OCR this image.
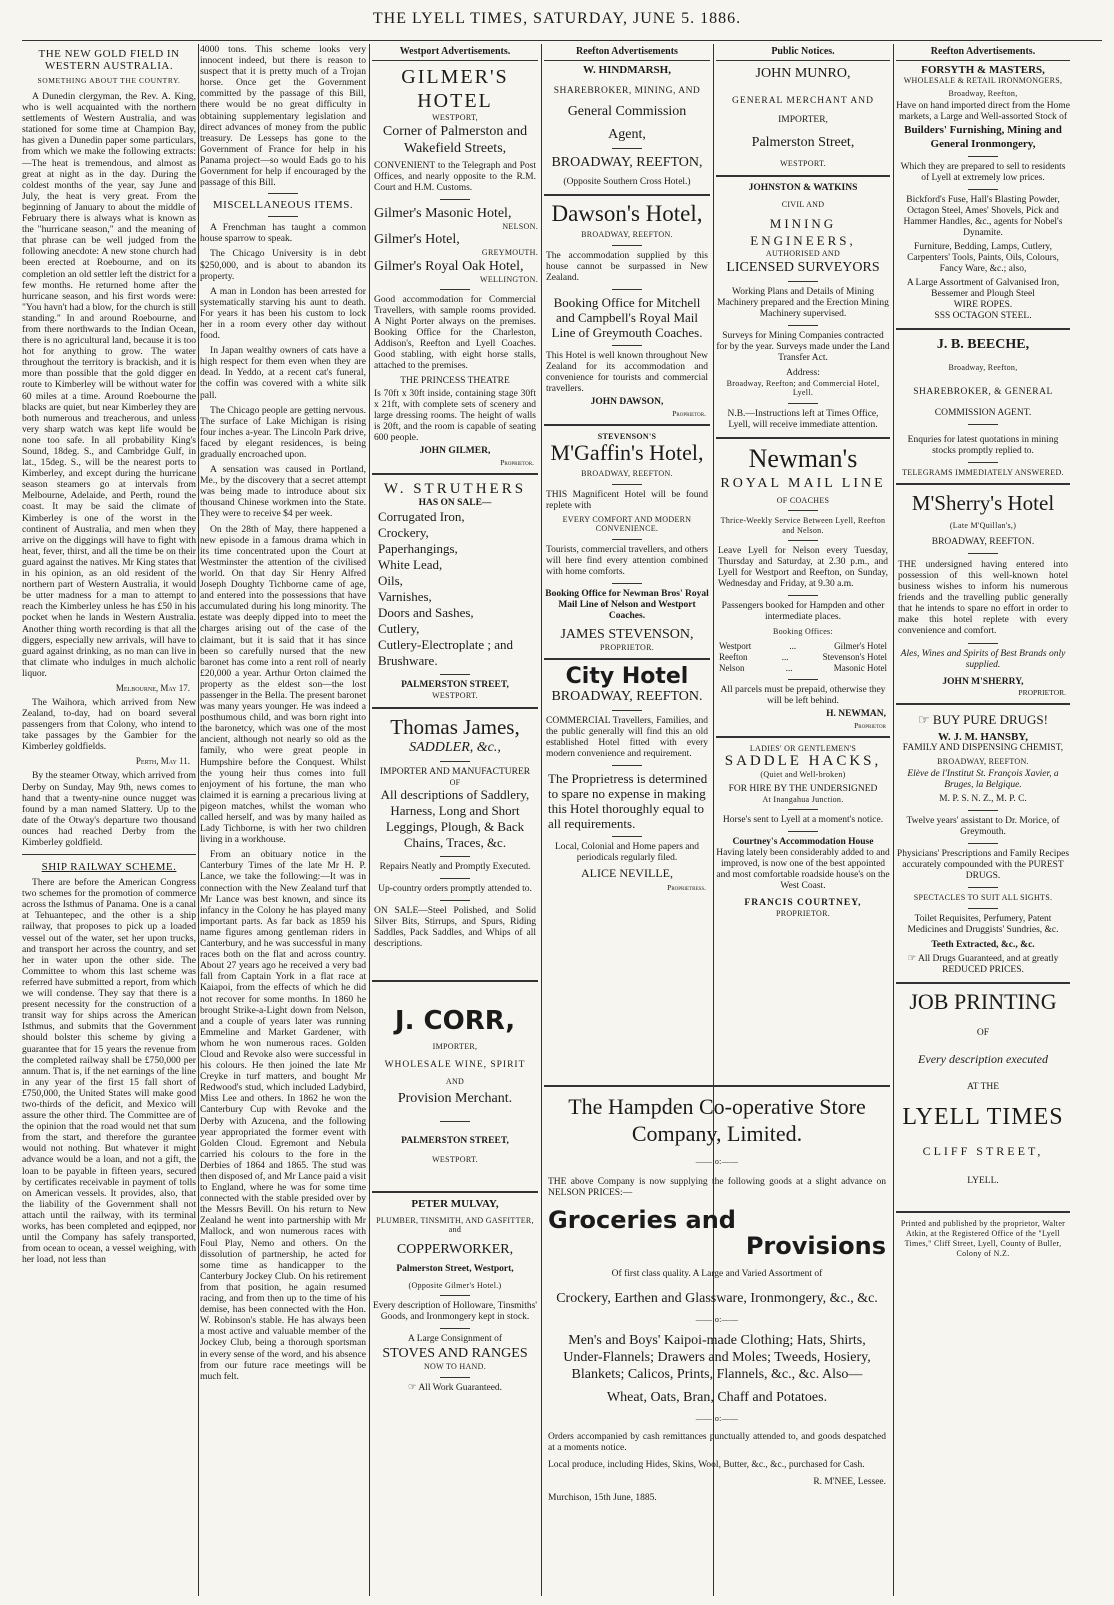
THE LYELL TIMES, SATURDAY, JUNE 5. 1886.
THE NEW GOLD FIELD IN WESTERN AUSTRALIA.
SOMETHING ABOUT THE COUNTRY.

A Dunedin clergyman, the Rev. A. King, who is well acquainted with the northern settlements of Western Australia, and was stationed for some time at Champion Bay, has given a Dunedin paper some particulars, from which we make the following extracts:—The heat is tremendous, and almost as great at night as in the day. During the coldest months of the year, say June and July, the heat is very great. From the beginning of January to about the middle of February there is always what is known as the "hurricane season," and the meaning of that phrase can be well judged from the following anecdote: A new stone church had been erected at Roebourne, and on its completion an old settler left the district for a few months. He returned home after the hurricane season, and his first words were: "You havn't had a blow, for the church is still standing." In and around Roebourne, and from there northwards to the Indian Ocean, there is no agricultural land, because it is too hot for anything to grow. The water throughout the territory is brackish, and it is more than possible that the gold digger en route to Kimberley will be without water for 60 miles at a time. Around Roebourne the blacks are quiet, but near Kimberley they are both numerous and treacherous, and unless very sharp watch was kept life would be none too safe. In all probability King's Sound, 18deg. S., and Cambridge Gulf, in lat., 15deg. S., will be the nearest ports to Kimberley, and except during the hurricane season steamers go at intervals from Melbourne, Adelaide, and Perth, round the coast. It may be said the climate of Kimberley is one of the worst in the continent of Australia, and men when they arrive on the diggings will have to fight with heat, fever, thirst, and all the time be on their guard against the natives. Mr King states that in his opinion, as an old resident of the northern part of Western Australia, it would be utter madness for a man to attempt to reach the Kimberley unless he has £50 in his pocket when he lands in Western Australia. Another thing worth recording is that all the diggers, especially new arrivals, will have to guard against drinking, as no man can live in that climate who indulges in much alcholic liquor.

Melbourne, May 17.

The Waihora, which arrived from New Zealand, to-day, had on board several passengers from that Colony, who intend to take passages by the Gambier for the Kimberley goldfields.

Perth, May 11.

By the steamer Otway, which arrived from Derby on Sunday, May 9th, news comes to hand that a twenty-nine ounce nugget was found by a man named Slattery. Up to the date of the Otway's departure two thousand ounces had reached Derby from the Kimberley goldfield.

SHIP RAILWAY SCHEME.

There are before the American Congress two schemes for the promotion of commerce across the Isthmus of Panama. One is a canal at Tehuantepec, and the other is a ship railway, that proposes to pick up a loaded vessel out of the water, set her upon trucks, and transport her across the country, and set her in water upon the other side. The Committee to whom this last scheme was referred have submitted a report, from which we will condense. They say that there is a present necessity for the construction of a transit way for ships across the American Isthmus, and submits that the Government should bolster this scheme by giving a guarantee that for 15 years the revenue from the completed railway shall be £750,000 per annum. That is, if the net earnings of the line in any year of the first 15 fall short of £750,000, the United States will make good two-thirds of the deficit, and Mexico will assure the other third. The Committee are of the opinion that the road would net that sum from the start, and therefore the gurantee would not nothing. But whatever it might advance would be a loan, and not a gift, the loan to be payable in fifteen years, secured by certificates receivable in payment of tolls on American vessels. It provides, also, that the liability of the Government shall not attach until the railway, with its terminal works, has been completed and eqipped, nor until the Company has safely transported, from ocean to ocean, a vessel weighing, with her load, not less than

4000 tons. This scheme looks very innocent indeed, but there is reason to suspect that it is pretty much of a Trojan horse. Once get the Government committed by the passage of this Bill, there would be no great difficulty in obtaining supplementary legislation and direct advances of money from the public treasury. De Lesseps has gone to the Government of France for help in his Panama project—so would Eads go to his Government for help if encouraged by the passage of this Bill.

MISCELLANEOUS ITEMS.

A Frenchman has taught a common house sparrow to speak.

The Chicago University is in debt $250,000, and is about to abandon its property.

A man in London has been arrested for systematically starving his aunt to death. For years it has been his custom to lock her in a room every other day without food.

In Japan wealthy owners of cats have a high respect for them even when they are dead. In Yeddo, at a recent cat's funeral, the coffin was covered with a white silk pall.

The Chicago people are getting nervous. The surface of Lake Michigan is rising four inches a-year. The Lincoln Park drive, faced by elegant residences, is being gradually encroached upon.

A sensation was caused in Portland, Me., by the discovery that a secret attempt was being made to introduce about six thousand Chinese workmen into the State. They were to receive $4 per week.

On the 28th of May, there happened a new episode in a famous drama which in its time concentrated upon the Court at Westminster the attention of the civilised world. On that day Sir Henry Alfred Joseph Doughty Tichborne came of age, and entered into the possessions that have accumulated during his long minority. The estate was deeply dipped into to meet the charges arising out of the case of the claimant, but it is said that it has since been so carefully nursed that the new baronet has come into a rent roll of nearly £20,000 a year. Arthur Orton claimed the property as the eldest son—the lost passenger in the Bella. The present baronet was many years younger. He was indeed a posthumous child, and was born right into the baronetcy, which was one of the most ancient, although not nearly so old as the family, who were great people in Humpshire before the Conquest. Whilst the young heir thus comes into full enjoyment of his fortune, the man who claimed it is earning a precarious living at pigeon matches, whilst the woman who called herself, and was by many hailed as Lady Tichborne, is with her two children living in a workhouse.

From an obituary notice in the Canterbury Times of the late Mr H. P. Lance, we take the following:—It was in connection with the New Zealand turf that Mr Lance was best known, and since its infancy in the Colony he has played many important parts. As far back as 1859 his name figures among gentleman riders in Canterbury, and he was successful in many races both on the flat and across country. About 27 years ago he received a very bad fall from Captain York in a flat race at Kaiapoi, from the effects of which he did not recover for some months. In 1860 he brought Strike-a-Light down from Nelson, and a couple of years later was running Emmeline and Market Gardener, with whom he won numerous races. Golden Cloud and Revoke also were successful in his colours. He then joined the late Mr Creyke in turf matters, and bought Mr Redwood's stud, which included Ladybird, Miss Lee and others. In 1862 he won the Canterbury Cup with Revoke and the Derby with Azucena, and the following year appropriated the former event with Golden Cloud. Egremont and Nebula carried his colours to the fore in the Derbies of 1864 and 1865. The stud was then disposed of, and Mr Lance paid a visit to England, where he was for some time connected with the stable presided over by the Messrs Bevill. On his return to New Zealand he went into partnership with Mr Mallock, and won numerous races with Foul Play, Nemo and others. On the dissolution of partnership, he acted for some time as handicapper to the Canterbury Jockey Club. On his retirement from that position, he again resumed racing, and from then up to the time of his demise, has been connected with the Hon. W. Robinson's stable. He has always been a most active and valuable member of the Jockey Club, being a thorough sportsman in every sense of the word, and his absence from our future race meetings will be much felt.

Westport Advertisements.
GILMER'S HOTEL
WESTPORT,
Corner of Palmerston and Wakefield Streets,
CONVENIENT to the Telegraph and Post Offices, and nearly opposite to the R.M. Court and H.M. Customs.
Gilmer's Masonic Hotel,
NELSON.
Gilmer's Hotel,
GREYMOUTH.
Gilmer's Royal Oak Hotel,
WELLINGTON.
Good accommodation for Commercial Travellers, with sample rooms provided. A Night Porter always on the premises. Booking Office for the Charleston, Addison's, Reefton and Lyell Coaches. Good stabling, with eight horse stalls, attached to the premises.
THE PRINCESS THEATRE
Is 70ft x 30ft inside, containing stage 30ft x 21ft, with complete sets of scenery and large dressing rooms. The height of walls is 20ft, and the room is capable of seating 600 people.
JOHN GILMER,
Proprietor.
W. STRUTHERS
HAS ON SALE—
Corrugated Iron,
Crockery,
Paperhangings,
White Lead,
Oils,
Varnishes,
Doors and Sashes,
Cutlery,
Cutlery-Electroplate ; and Brushware.
PALMERSTON STREET,
WESTPORT.
Thomas James,
SADDLER, &c.,
IMPORTER AND MANUFACTURER
OF
All descriptions of Saddlery, Harness, Long and Short Leggings, Plough, & Back Chains, Traces, &c.
Repairs Neatly and Promptly Executed.
Up-country orders promptly attended to.
ON SALE—Steel Polished, and Solid Silver Bits, Stirrups, and Spurs, Riding Saddles, Pack Saddles, and Whips of all descriptions.
J. CORR,
IMPORTER,
WHOLESALE WINE, SPIRIT
AND
Provision Merchant.
PALMERSTON STREET,
WESTPORT.
PETER MULVAY,
PLUMBER, TINSMITH, AND GASFITTER, and
COPPERWORKER,
Palmerston Street, Westport,
(Opposite Gilmer's Hotel.)
Every description of Holloware, Tinsmiths' Goods, and Ironmongery kept in stock.
A Large Consignment of
STOVES AND RANGES
NOW TO HAND.
☞ All Work Guaranteed.
Reefton Advertisements
W. HINDMARSH,
SHAREBROKER, MINING, AND
General Commission
Agent,
BROADWAY, REEFTON,
(Opposite Southern Cross Hotel.)
Dawson's Hotel,
BROADWAY, REEFTON.
The accommodation supplied by this house cannot be surpassed in New Zealand.
Booking Office for Mitchell and Campbell's Royal Mail Line of Greymouth Coaches.
This Hotel is well known throughout New Zealand for its accommodation and convenience for tourists and commercial travellers.
JOHN DAWSON,
Proprietor.
STEVENSON'S
M'Gaffin's Hotel,
BROADWAY, REEFTON.
THIS Magnificent Hotel will be found replete with
EVERY COMFORT AND MODERN CONVENIENCE.
Tourists, commercial travellers, and others will here find every attention combined with home comforts.
Booking Office for Newman Bros' Royal Mail Line of Nelson and Westport Coaches.
JAMES STEVENSON,
PROPRIETOR.
City Hotel
BROADWAY, REEFTON.
COMMERCIAL Travellers, Families, and the public generally will find this an old established Hotel fitted with every modern convenience and requirement.
The Proprietress is determined to spare no expense in making this Hotel thoroughly equal to all requirements.
Local, Colonial and Home papers and periodicals regularly filed.
ALICE NEVILLE,
Proprietress.
Public Notices.
JOHN MUNRO,
GENERAL MERCHANT AND
IMPORTER,
Palmerston Street,
WESTPORT.
JOHNSTON & WATKINS
CIVIL AND
MINING ENGINEERS,
AUTHORISED AND
LICENSED SURVEYORS
Working Plans and Details of Mining Machinery prepared and the Erection Mining Machinery supervised.
Surveys for Mining Companies contracted for by the year. Surveys made under the Land Transfer Act.
Address:
Broadway, Reefton; and Commercial Hotel, Lyell.
N.B.—Instructions left at Times Office, Lyell, will receive immediate attention.
Newman's
ROYAL MAIL LINE
OF COACHES
Thrice-Weekly Service Between Lyell, Reefton and Nelson.
Leave Lyell for Nelson every Tuesday, Thursday and Saturday, at 2.30 p.m., and Lyell for Westport and Reefton, on Sunday, Wednesday and Friday, at 9.30 a.m.
Passengers booked for Hampden and other intermediate places.
Booking Offices:
Westport	...	Gilmer's Hotel
Reefton	...	Stevenson's Hotel
Nelson	...	Masonic Hotel
All parcels must be prepaid, otherwise they will be left behind.
H. NEWMAN,
Proprietor
LADIES' OR GENTLEMEN'S
SADDLE HACKS,
(Quiet and Well-broken)
FOR HIRE BY THE UNDERSIGNED
At Inangahua Junction.
Horse's sent to Lyell at a moment's notice.
Courtney's Accommodation House
Having lately been considerably added to and improved, is now one of the best appointed and most comfortable roadside house's on the West Coast.
FRANCIS COURTNEY,
PROPRIETOR.
The Hampden Co-operative Store Company, Limited.
——:o:——
THE above Company is now supplying the following goods at a slight advance on NELSON PRICES:—
Groceries and
Provisions
Of first class quality. A Large and Varied Assortment of
Crockery, Earthen and Glassware, Ironmongery, &c., &c.
——:o:——
Men's and Boys' Kaipoi-made Clothing; Hats, Shirts, Under-Flannels; Drawers and Moles; Tweeds, Hosiery, Blankets; Calicos, Prints, Flannels, &c., &c. Also—
Wheat, Oats, Bran, Chaff and Potatoes.
——:o:——
Orders accompanied by cash remittances punctually attended to, and goods despatched at a moments notice.
Local produce, including Hides, Skins, Wool, Butter, &c., &c., purchased for Cash.
R. M'NEE, Lessee.
Murchison, 15th June, 1885.
Reefton Advertisements.
FORSYTH & MASTERS,
WHOLESALE & RETAIL IRONMONGERS,
Broadway, Reefton,
Have on hand imported direct from the Home markets, a Large and Well-assorted Stock of
Builders' Furnishing, Mining and General Ironmongery,
Which they are prepared to sell to residents of Lyell at extremely low prices.
Bickford's Fuse, Hall's Blasting Powder, Octagon Steel, Ames' Shovels, Pick and Hammer Handles, &c., agents for Nobel's Dynamite.
Furniture, Bedding, Lamps, Cutlery, Carpenters' Tools, Paints, Oils, Colours, Fancy Ware, &c.; also,
A Large Assortment of Galvanised Iron, Bessemer and Plough Steel
WIRE ROPES.
SSS OCTAGON STEEL.
J. B. BEECHE,
Broadway, Reefton,
SHAREBROKER, & GENERAL
COMMISSION AGENT.
Enquries for latest quotations in mining stocks promptly replied to.
TELEGRAMS IMMEDIATELY ANSWERED.
M'Sherry's Hotel
(Late M'Quillan's,)
BROADWAY, REEFTON.
THE undersigned having entered into possession of this well-known hotel business wishes to inform his numerous friends and the travelling public generally that he intends to spare no effort in order to make this hotel replete with every convenience and comfort.
Ales, Wines and Spirits of Best Brands only supplied.
JOHN M'SHERRY,
PROPRIETOR.
☞ BUY PURE DRUGS!
W. J. M. HANSBY,
FAMILY AND DISPENSING CHEMIST,
BROADWAY, REEFTON.
Elève de l'Institut St. François Xavier, a Bruges, la Belgique.
M. P. S. N. Z., M. P. C.
Twelve years' assistant to Dr. Morice, of Greymouth.
Physicians' Prescriptions and Family Recipes accurately compounded with the PUREST DRUGS.
SPECTACLES TO SUIT ALL SIGHTS.
Toilet Requisites, Perfumery, Patent Medicines and Druggists' Sundries, &c.
Teeth Extracted, &c., &c.
☞ All Drugs Guaranteed, and at greatly REDUCED PRICES.
JOB PRINTING
OF
Every description executed
AT THE
LYELL TIMES
CLIFF STREET,
LYELL.
Printed and published by the proprietor, Walter Atkin, at the Registered Office of the "Lyell Times," Cliff Street, Lyell, County of Buller, Colony of N.Z.
